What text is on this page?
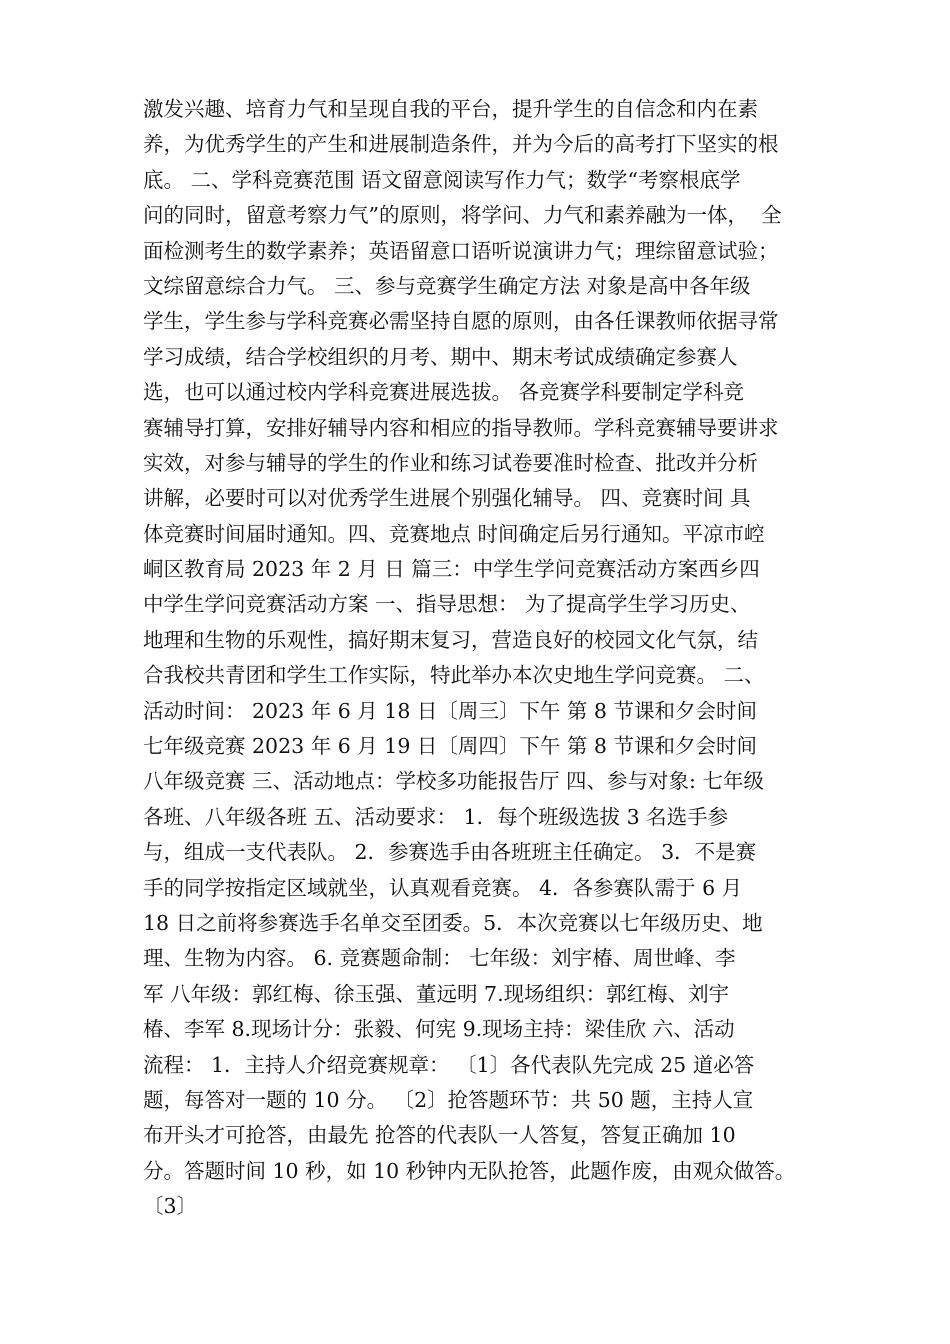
激发兴趣、培育力气和呈现自我的平台，提升学生的自信念和内在素
养，为优秀学生的产生和进展制造条件，并为今后的高考打下坚实的根
底。 二、学科竞赛范围 语文留意阅读写作力气；数学“考察根底学
问的同时，留意考察力气”的原则，将学问、力气和素养融为一体，  全
面检测考生的数学素养；英语留意口语听说演讲力气；理综留意试验；
文综留意综合力气。 三、参与竞赛学生确定方法 对象是高中各年级
学生，学生参与学科竞赛必需坚持自愿的原则，由各任课教师依据寻常
学习成绩，结合学校组织的月考、期中、期末考试成绩确定参赛人
选，也可以通过校内学科竞赛进展选拔。 各竞赛学科要制定学科竞
赛辅导打算，安排好辅导内容和相应的指导教师。学科竞赛辅导要讲求
实效，对参与辅导的学生的作业和练习试卷要准时检查、批改并分析
讲解，必要时可以对优秀学生进展个别强化辅导。 四、竞赛时间 具
体竞赛时间届时通知。四、竞赛地点 时间确定后另行通知。平凉市崆
峒区教育局 2023 年 2 月 日 篇三：中学生学问竞赛活动方案西乡四
中学生学问竞赛活动方案 一、指导思想： 为了提高学生学习历史、
地理和生物的乐观性，搞好期末复习，营造良好的校园文化气氛，结
合我校共青团和学生工作实际，特此举办本次史地生学问竞赛。 二、
活动时间： 2023 年 6 月 18 日〔周三〕下午 第 8 节课和夕会时间
七年级竞赛 2023 年 6 月 19 日〔周四〕下午 第 8 节课和夕会时间
八年级竞赛 三、活动地点：学校多功能报告厅 四、参与对象: 七年级
各班、八年级各班 五、活动要求： 1．每个班级选拔 3 名选手参
与，组成一支代表队。 2．参赛选手由各班班主任确定。 3．不是赛
手的同学按指定区域就坐，认真观看竞赛。 4．各参赛队需于 6 月
18 日之前将参赛选手名单交至团委。5．本次竞赛以七年级历史、地
理、生物为内容。 6. 竞赛题命制： 七年级：刘宇椿、周世峰、李
军 八年级：郭红梅、徐玉强、董远明 7.现场组织：郭红梅、刘宇
椿、李军 8.现场计分：张毅、何宪 9.现场主持：梁佳欣 六、活动
流程： 1．主持人介绍竞赛规章： 〔1〕各代表队先完成 25 道必答
题，每答对一题的 10 分。 〔2〕抢答题环节：共 50 题，主持人宣
布开头才可抢答，由最先 抢答的代表队一人答复，答复正确加 10
分。答题时间 10 秒，如 10 秒钟内无队抢答，此题作废，由观众做答。
〔3〕
